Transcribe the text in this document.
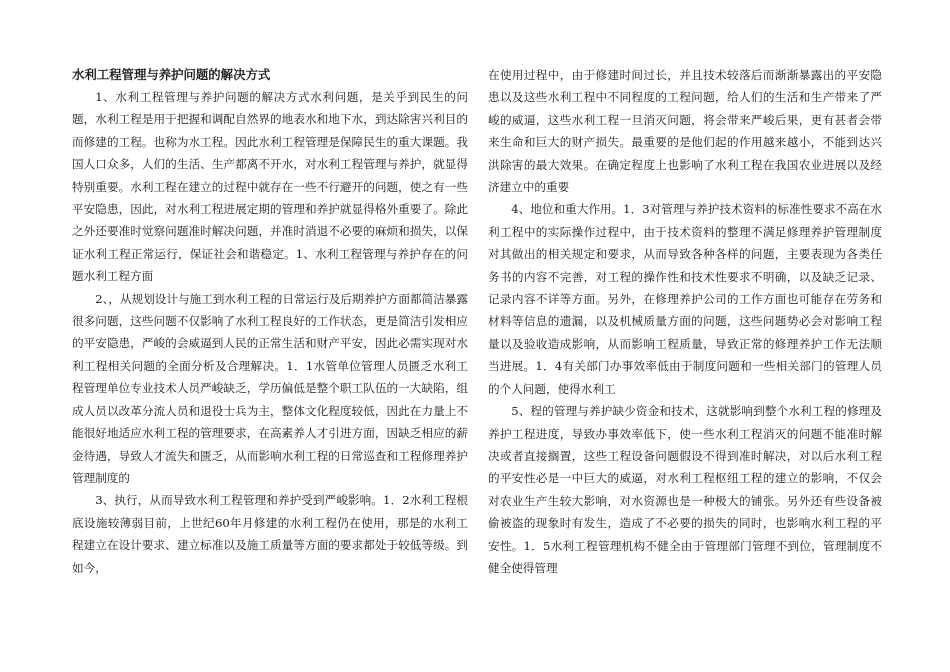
水利工程管理与养护问题的解决方式

1、水利工程管理与养护问题的解决方式水利问题，是关乎到民生的问题，水利工程是用于把握和调配自然界的地表水和地下水，到达除害兴利目的而修建的工程。也称为水工程。因此水利工程管理是保障民生的重大课题。我国人口众多，人们的生活、生产都离不开水，对水利工程管理与养护，就显得特别重要。水利工程在建立的过程中就存在一些不行避开的问题，使之有一些平安隐患，因此，对水利工程进展定期的管理和养护就显得格外重要了。除此之外还要准时觉察问题准时解决问题，并准时消退不必要的麻烦和损失，以保证水利工程正常运行，保证社会和谐稳定。1、水利工程管理与养护存在的问题水利工程方面

2、，从规划设计与施工到水利工程的日常运行及后期养护方面都简洁暴露很多问题，这些问题不仅影响了水利工程良好的工作状态，更是简洁引发相应的平安隐患，严峻的会威逼到人民的正常生活和财产平安，因此必需实现对水利工程相关问题的全面分析及合理解决。1．1水管单位管理人员匮乏水利工程管理单位专业技术人员严峻缺乏，学历偏低是整个职工队伍的一大缺陷，组成人员以改革分流人员和退役士兵为主，整体文化程度较低，因此在力量上不能很好地适应水利工程的管理要求，在高素养人才引进方面，因缺乏相应的薪金待遇，导致人才流失和匮乏，从而影响水利工程的日常巡查和工程修理养护管理制度的

3、执行，从而导致水利工程管理和养护受到严峻影响。1．2水利工程根底设施较薄弱目前，上世纪60年月修建的水利工程仍在使用，那是的水利工程建立在设计要求、建立标准以及施工质量等方面的要求都处于较低等级。到如今，

在使用过程中，由于修建时间过长，并且技术较落后而渐渐暴露出的平安隐患以及这些水利工程中不同程度的工程问题，给人们的生活和生产带来了严峻的威逼，这些水利工程一旦消灭问题，将会带来严峻后果，更有甚者会带来生命和巨大的财产损失。最重要的是他们起的作用越来越小，不能到达兴洪除害的最大效果。在确定程度上也影响了水利工程在我国农业进展以及经济建立中的重要

4、地位和重大作用。1．3对管理与养护技术资料的标准性要求不高在水利工程中的实际操作过程中，由于技术资料的整理不满足修理养护管理制度对其做出的相关规定和要求，从而导致各种各样的问题，主要表现为各类任务书的内容不完善，对工程的操作性和技术性要求不明确，以及缺乏记录、记录内容不详等方面。另外，在修理养护公司的工作方面也可能存在劳务和材料等信息的遗漏，以及机械质量方面的问题，这些问题势必会对影响工程量以及验收造成影响，从而影响工程质量，导致正常的修理养护工作无法顺当进展。1．4有关部门办事效率低由于制度问题和一些相关部门的管理人员的个人问题，使得水利工

5、程的管理与养护缺少资金和技术，这就影响到整个水利工程的修理及养护工程进度，导致办事效率低下，使一些水利工程消灭的问题不能准时解决或者直接搁置，这些工程设备问题假设不得到准时解决，对以后水利工程的平安性必是一中巨大的威逼，对水利工程枢纽工程的建立的影响，不仅会对农业生产生较大影响，对水资源也是一种极大的铺张。另外还有些设备被偷被盗的现象时有发生，造成了不必要的损失的同时，也影响水利工程的平安性。1．5水利工程管理机构不健全由于管理部门管理不到位，管理制度不健全使得管理
